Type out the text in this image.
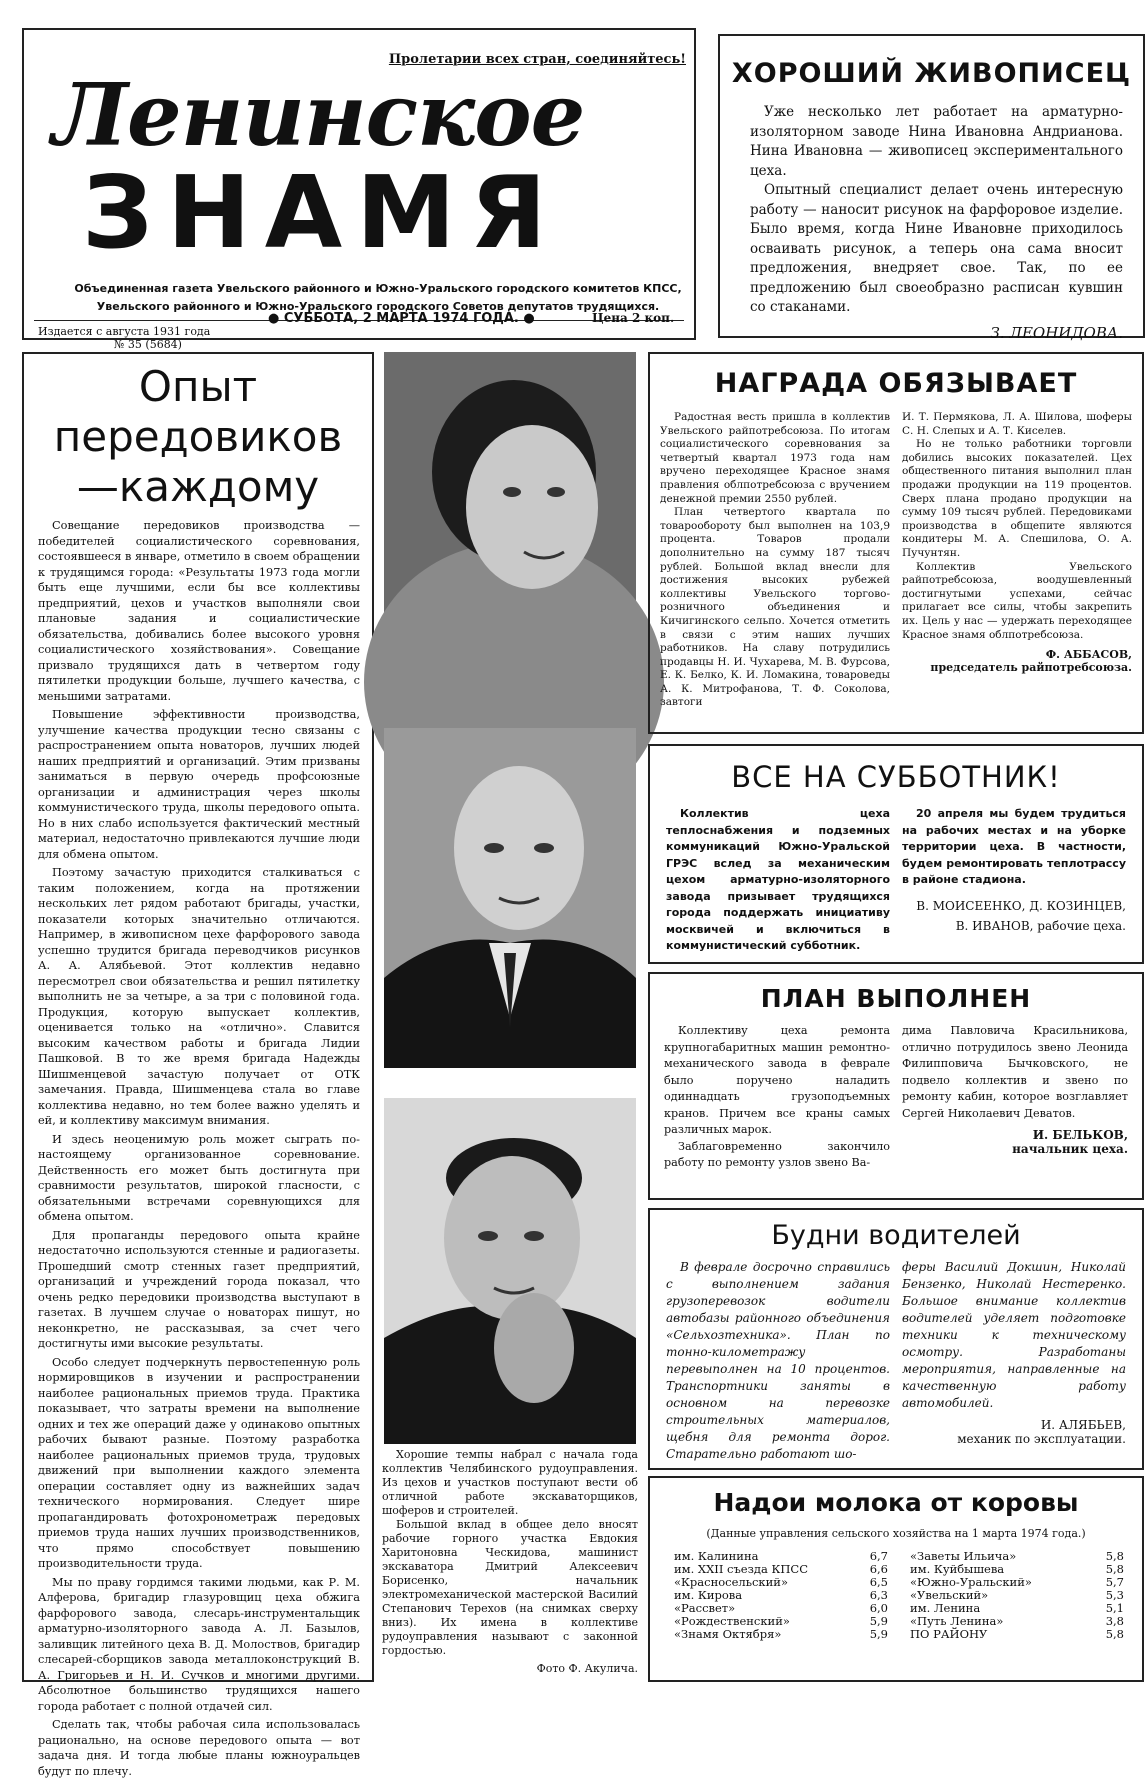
Пролетарии всех стран, соединяйтесь!
Ленинское
ЗНАМЯ
Объединенная газета Увельского районного и Южно-Уральского городского комитетов КПСС,
Увельского районного и Южно-Уральского городского Советов депутатов трудящихся.
Издается с августа 1931 года
№ 35 (5684)
● СУББОТА, 2 МАРТА 1974 ГОДА. ●	Цена 2 коп.
ХОРОШИЙ ЖИВОПИСЕЦ

Уже несколько лет работает на арматурно-изоляторном заводе Нина Ивановна Андрианова. Нина Ивановна — живописец экспериментального цеха.

Опытный специалист делает очень интересную работу — наносит рисунок на фарфоровое изделие. Было время, когда Нине Ивановне приходилось осваивать рисунок, а теперь она сама вносит предложения, внедряет свое. Так, по ее предложению был своеобразно расписан кувшин со стаканами.

З. ЛЕОНИДОВА.

Опыт
передовиков
—каждому

Совещание передовиков производства —победителей социалистического соревнования, состоявшееся в январе, отметило в своем обращении к трудящимся города: «Результаты 1973 года могли быть еще лучшими, если бы все коллективы предприятий, цехов и участков выполняли свои плановые задания и социалистические обязательства, добивались более высокого уровня социалистического хозяйствования». Совещание призвало трудящихся дать в четвертом году пятилетки продукции больше, лучшего качества, с меньшими затратами.

Повышение эффективности производства, улучшение качества продукции тесно связаны с распространением опыта новаторов, лучших людей наших предприятий и организаций. Этим призваны заниматься в первую очередь профсоюзные организации и администрация через школы коммунистического труда, школы передового опыта. Но в них слабо используется фактический местный материал, недостаточно привлекаются лучшие люди для обмена опытом.

Поэтому зачастую приходится сталкиваться с таким положением, когда на протяжении нескольких лет рядом работают бригады, участки, показатели которых значительно отличаются. Например, в живописном цехе фарфорового завода успешно трудится бригада переводчиков рисунков А. А. Алябьевой. Этот коллектив недавно пересмотрел свои обязательства и решил пятилетку выполнить не за четыре, а за три с половиной года. Продукция, которую выпускает коллектив, оценивается только на «отлично». Славится высоким качеством работы и бригада Лидии Пашковой. В то же время бригада Надежды Шишменцевой зачастую получает от ОТК замечания. Правда, Шишменцева стала во главе коллектива недавно, но тем более важно уделять и ей, и коллективу максимум внимания.

И здесь неоценимую роль может сыграть по-настоящему организованное соревнование. Действенность его может быть достигнута при сравнимости результатов, широкой гласности, с обязательными встречами соревнующихся для обмена опытом.

Для пропаганды передового опыта крайне недостаточно используются стенные и радиогазеты. Прошедший смотр стенных газет предприятий, организаций и учреждений города показал, что очень редко передовики производства выступают в газетах. В лучшем случае о новаторах пишут, но неконкретно, не рассказывая, за счет чего достигнуты ими высокие результаты.

Особо следует подчеркнуть первостепенную роль нормировщиков в изучении и распространении наиболее рациональных приемов труда. Практика показывает, что затраты времени на выполнение одних и тех же операций даже у одинаково опытных рабочих бывают разные. Поэтому разработка наиболее рациональных приемов труда, трудовых движений при выполнении каждого элемента операции составляет одну из важнейших задач технического нормирования. Следует шире пропагандировать фотохронометраж передовых приемов труда наших лучших производственников, что прямо способствует повышению производительности труда.

Мы по праву гордимся такими людьми, как Р. М. Алферова, бригадир глазуровщиц цеха обжига фарфорового завода, слесарь-инструментальщик арматурно-изоляторного завода А. Л. Базылов, заливщик литейного цеха В. Д. Молоствов, бригадир слесарей-сборщиков завода металлоконструкций В. А. Григорьев и Н. И. Сучков и многими другими. Абсолютное большинство трудящихся нашего города работает с полной отдачей сил.

Сделать так, чтобы рабочая сила использовалась рационально, на основе передового опыта — вот задача дня. И тогда любые планы южноуральцев будут по плечу.

Хорошие темпы набрал с начала года коллектив Челябинского рудоуправления. Из цехов и участков поступают вести об отличной работе экскаваторщиков, шоферов и строителей.

Большой вклад в общее дело вносят рабочие горного участка Евдокия Харитоновна Ческидова, машинист экскаватора Дмитрий Алексеевич Борисенко, начальник электромеханической мастерской Василий Степанович Терехов (на снимках сверху вниз). Их имена в коллективе рудоуправления называют с законной гордостью.

Фото Ф. Акулича.

НАГРАДА ОБЯЗЫВАЕТ

Радостная весть пришла в коллектив Увельского райпотребсоюза. По итогам социалистического соревнования за четвертый квартал 1973 года нам вручено переходящее Красное знамя правления облпотребсоюза с вручением денежной премии 2550 рублей.

План четвертого квартала по товарообороту был выполнен на 103,9 процента. Товаров продали дополнительно на сумму 187 тысяч рублей. Большой вклад внесли для достижения высоких рубежей коллективы Увельского торгово-розничного объединения и Кичигинского сельпо. Хочется отметить в связи с этим наших лучших работников. На славу потрудились продавцы Н. И. Чухарева, М. В. Фурсова, Е. К. Белко, К. И. Ломакина, товароведы А. К. Митрофанова, Т. Ф. Соколова, завтоги

И. Т. Пермякова, Л. А. Шилова, шоферы С. Н. Слепых и А. Т. Киселев.

Но не только работники торговли добились высоких показателей. Цех общественного питания выполнил план продажи продукции на 119 процентов. Сверх плана продано продукции на сумму 109 тысяч рублей. Передовиками производства в общепите являются кондитеры М. А. Спешилова, О. А. Пучунтян.

Коллектив Увельского райпотребсоюза, воодушевленный достигнутыми успехами, сейчас прилагает все силы, чтобы закрепить их. Цель у нас — удержать переходящее Красное знамя облпотребсоюза.

Ф. АББАСОВ,

председатель райпотребсоюза.

ВСЕ НА СУББОТНИК!

Коллектив цеха теплоснабжения и подземных коммуникаций Южно-Уральской ГРЭС вслед за механическим цехом арматурно-изоляторного завода призывает трудящихся города поддержать инициативу москвичей и включиться в коммунистический субботник.

20 апреля мы будем трудиться на рабочих местах и на уборке территории цеха. В частности, будем ремонтировать теплотрассу в районе стадиона.

В. МОИСЕЕНКО, Д. КОЗИНЦЕВ,

В. ИВАНОВ, рабочие цеха.

ПЛАН ВЫПОЛНЕН

Коллективу цеха ремонта крупногабаритных машин ремонтно-механического завода в феврале было поручено наладить одиннадцать грузоподъемных кранов. Причем все краны самых различных марок.

Заблаговременно закончило работу по ремонту узлов звено Ва-

дима Павловича Красильникова, отлично потрудилось звено Леонида Филипповича Бычковского, не подвело коллектив и звено по ремонту кабин, которое возглавляет Сергей Николаевич Деватов.

И. БЕЛЬКОВ,

начальник цеха.

Будни водителей

В феврале досрочно справились с выполнением задания грузоперевозок водители автобазы районного объединения «Сельхозтехника». План по тонно-километражу перевыполнен на 10 процентов. Транспортники заняты в основном на перевозке строительных материалов, щебня для ремонта дорог. Старательно работают шо-

феры Василий Докшин, Николай Бензенко, Николай Нестеренко. Большое внимание коллектив водителей уделяет подготовке техники к техническому осмотру. Разработаны мероприятия, направленные на качественную работу автомобилей.

И. АЛЯБЬЕВ,

механик по эксплуатации.

Надои молока от коровы
(Данные управления сельского хозяйства на 1 марта 1974 года.)
им. Калинина	6,7
им. XXII съезда КПСС	6,6
«Красносельский»	6,5
им. Кирова	6,3
«Рассвет»	6,0
«Рождественский»	5,9
«Знамя Октября»	5,9
«Заветы Ильича»	5,8
им. Куйбышева	5,8
«Южно-Уральский»	5,7
«Увельский»	5,3
им. Ленина	5,1
«Путь Ленина»	3,8
ПО РАЙОНУ	5,8
